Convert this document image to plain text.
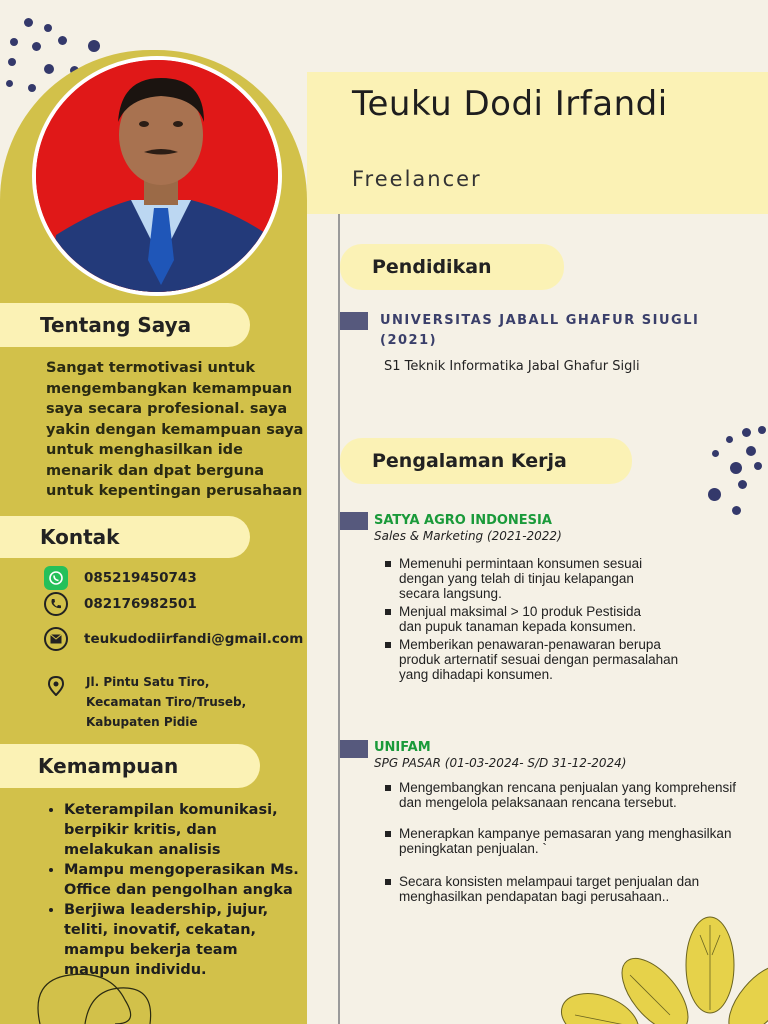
Tentang Saya
Sangat termotivasi untuk mengembangkan kemampuan saya secara profesional. saya yakin dengan kemampuan saya untuk menghasilkan ide menarik dan dpat berguna untuk kepentingan perusahaan
Kontak
085219450743
082176982501
teukudodiirfandi@gmail.com
Jl. Pintu Satu Tiro,
Kecamatan Tiro/Truseb,
Kabupaten Pidie
Kemampuan
• Keterampilan komunikasi, berpikir kritis, dan melakukan analisis
• Mampu mengoperasikan Ms. Office dan pengolhan angka
• Berjiwa leadership, jujur, teliti, inovatif, cekatan, mampu bekerja team maupun individu.
Teuku Dodi Irfandi
Freelancer
Pendidikan
UNIVERSITAS JABALL GHAFUR SIUGLI
(2021)
S1 Teknik Informatika Jabal Ghafur Sigli
Pengalaman Kerja
SATYA AGRO INDONESIA
Sales & Marketing (2021-2022)
Memenuhi permintaan konsumen sesuai
dengan yang telah di tinjau kelapangan
secara langsung.
Menjual maksimal > 10 produk Pestisida
dan pupuk tanaman kepada konsumen.
Memberikan penawaran-penawaran berupa
produk arternatif sesuai dengan permasalahan
yang dihadapi konsumen.
UNIFAM
SPG PASAR (01-03-2024- S/D 31-12-2024)
Mengembangkan rencana penjualan yang komprehensif
dan mengelola pelaksanaan rencana tersebut.
Menerapkan kampanye pemasaran yang menghasilkan
peningkatan penjualan. `
Secara konsisten melampaui target penjualan dan
menghasilkan pendapatan bagi perusahaan..
